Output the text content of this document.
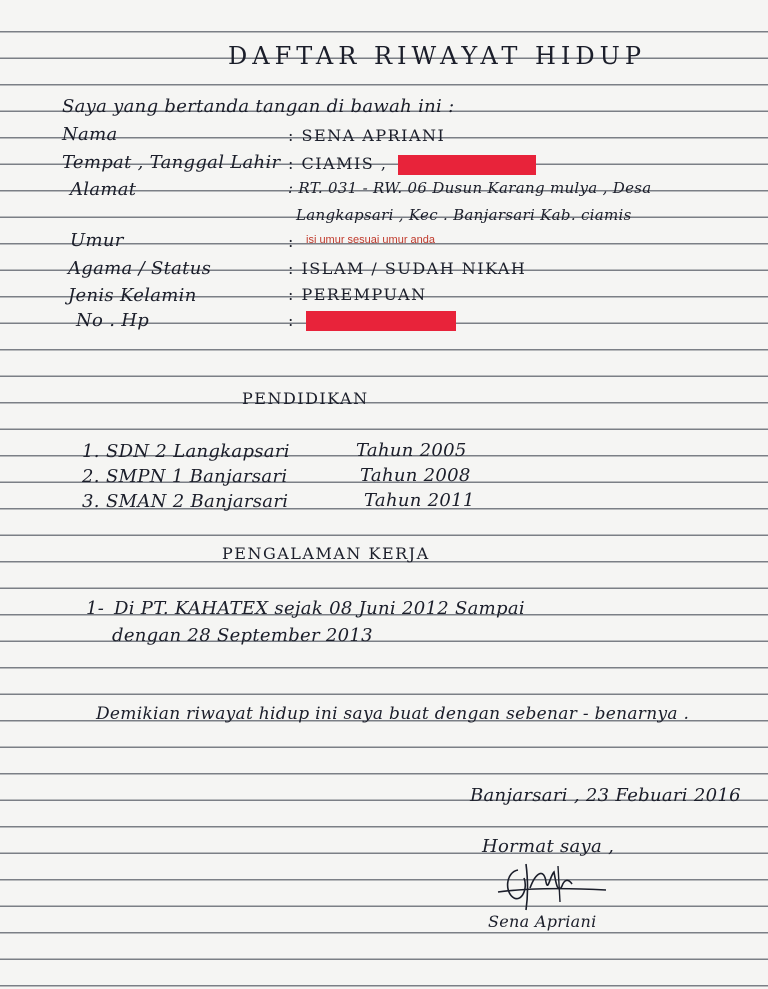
DAFTAR RIWAYAT HIDUP
Saya yang bertanda tangan di bawah ini :
Nama	: SENA APRIANI
Tempat , Tanggal Lahir : CIAMIS ,
Alamat	: RT. 031 - RW. 06 Dusun Karang mulya , Desa
Langkapsari , Kec . Banjarsari Kab. ciamis
Umur	: isi umur sesuai umur anda
Agama / Status	: ISLAM / SUDAH NIKAH
Jenis Kelamin	: PEREMPUAN
No . Hp	:
PENDIDIKAN
1. SDN 2 Langkapsari	Tahun 2005
2. SMPN 1 Banjarsari	Tahun 2008
3. SMAN 2 Banjarsari	Tahun 2011
PENGALAMAN KERJA
1- Di PT. KAHATEX sejak 08 Juni 2012 Sampai
dengan 28 September 2013
Demikian riwayat hidup ini saya buat dengan sebenar - benarnya .
Banjarsari , 23 Febuari 2016
Hormat saya ,
Sena Apriani
